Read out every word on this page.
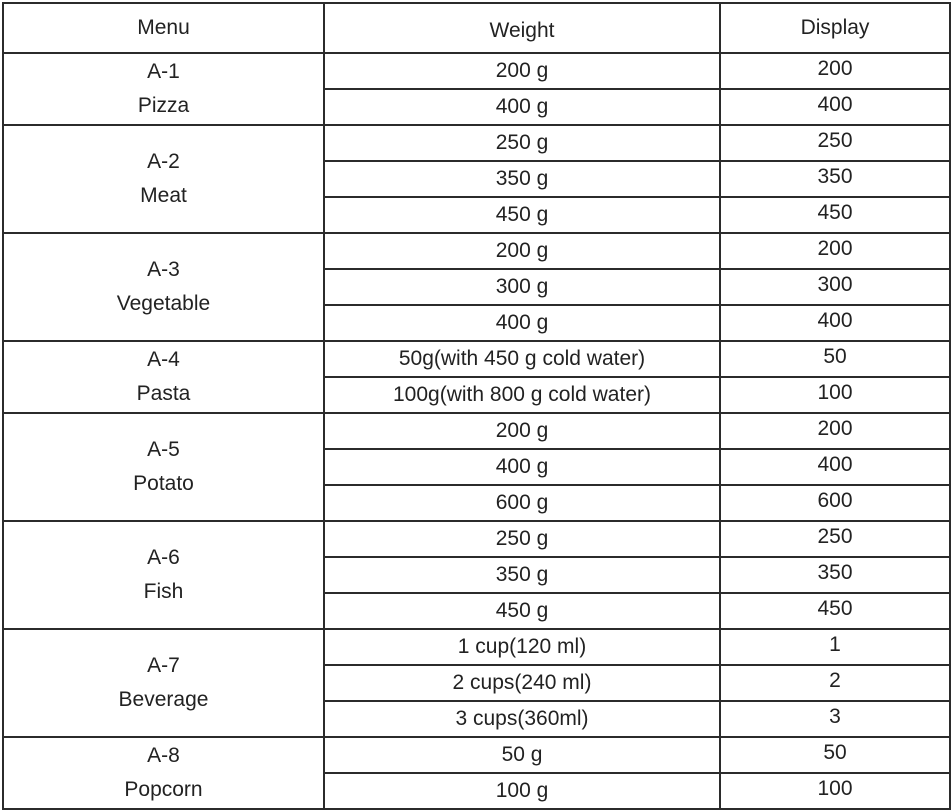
Menu	Weight	Display

A-1
Pizza	200 g	200
	400 g	400

A-2
Meat	250 g	250
	350 g	350
	450 g	450

A-3
Vegetable	200 g	200
	300 g	300
	400 g	400

A-4
Pasta	50g(with 450 g cold water)	50
	100g(with 800 g cold water)	100

A-5
Potato	200 g	200
	400 g	400
	600 g	600

A-6
Fish	250 g	250
	350 g	350
	450 g	450

A-7
Beverage	1 cup(120 ml)	1
	2 cups(240 ml)	2
	3 cups(360ml)	3

A-8
Popcorn	50 g	50
	100 g	100
